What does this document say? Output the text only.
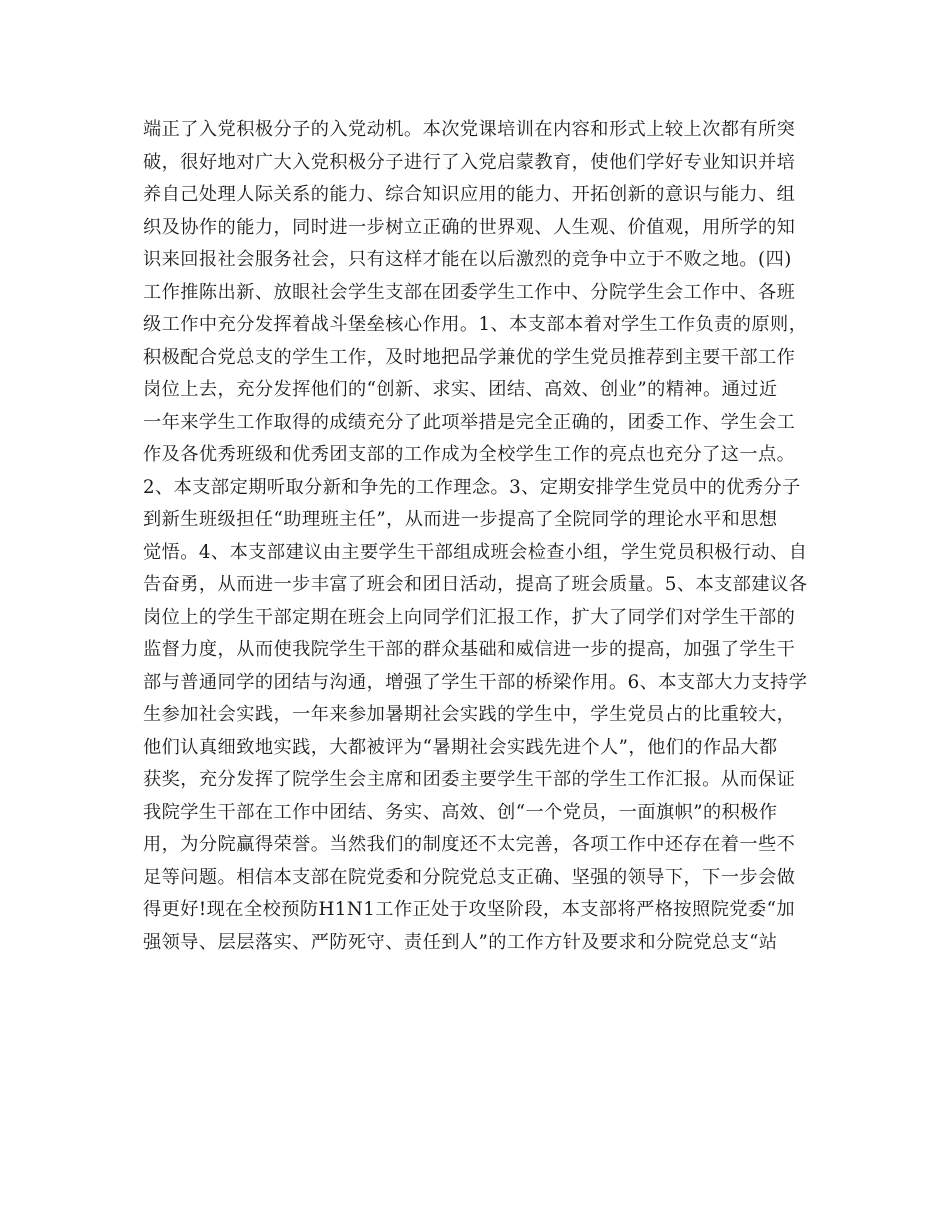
端正了入党积极分子的入党动机。本次党课培训在内容和形式上较上次都有所突
破，很好地对广大入党积极分子进行了入党启蒙教育，使他们学好专业知识并培
养自己处理人际关系的能力、综合知识应用的能力、开拓创新的意识与能力、组
织及协作的能力，同时进一步树立正确的世界观、人生观、价值观，用所学的知
识来回报社会服务社会，只有这样才能在以后激烈的竞争中立于不败之地。(四)
工作推陈出新、放眼社会学生支部在团委学生工作中、分院学生会工作中、各班
级工作中充分发挥着战斗堡垒核心作用。1、本支部本着对学生工作负责的原则，
积极配合党总支的学生工作，及时地把品学兼优的学生党员推荐到主要干部工作
岗位上去，充分发挥他们的“创新、求实、团结、高效、创业”的精神。通过近
一年来学生工作取得的成绩充分了此项举措是完全正确的，团委工作、学生会工
作及各优秀班级和优秀团支部的工作成为全校学生工作的亮点也充分了这一点。
2、本支部定期听取分新和争先的工作理念。3、定期安排学生党员中的优秀分子
到新生班级担任“助理班主任”，从而进一步提高了全院同学的理论水平和思想
觉悟。4、本支部建议由主要学生干部组成班会检查小组，学生党员积极行动、自
告奋勇，从而进一步丰富了班会和团日活动，提高了班会质量。5、本支部建议各
岗位上的学生干部定期在班会上向同学们汇报工作，扩大了同学们对学生干部的
监督力度，从而使我院学生干部的群众基础和威信进一步的提高，加强了学生干
部与普通同学的团结与沟通，增强了学生干部的桥梁作用。6、本支部大力支持学
生参加社会实践，一年来参加暑期社会实践的学生中，学生党员占的比重较大，
他们认真细致地实践，大都被评为“暑期社会实践先进个人”，他们的作品大都
获奖，充分发挥了院学生会主席和团委主要学生干部的学生工作汇报。从而保证
我院学生干部在工作中团结、务实、高效、创“一个党员，一面旗帜”的积极作
用，为分院赢得荣誉。当然我们的制度还不太完善，各项工作中还存在着一些不
足等问题。相信本支部在院党委和分院党总支正确、坚强的领导下，下一步会做
得更好!现在全校预防H1N1工作正处于攻坚阶段，本支部将严格按照院党委“加
强领导、层层落实、严防死守、责任到人”的工作方针及要求和分院党总支“站
